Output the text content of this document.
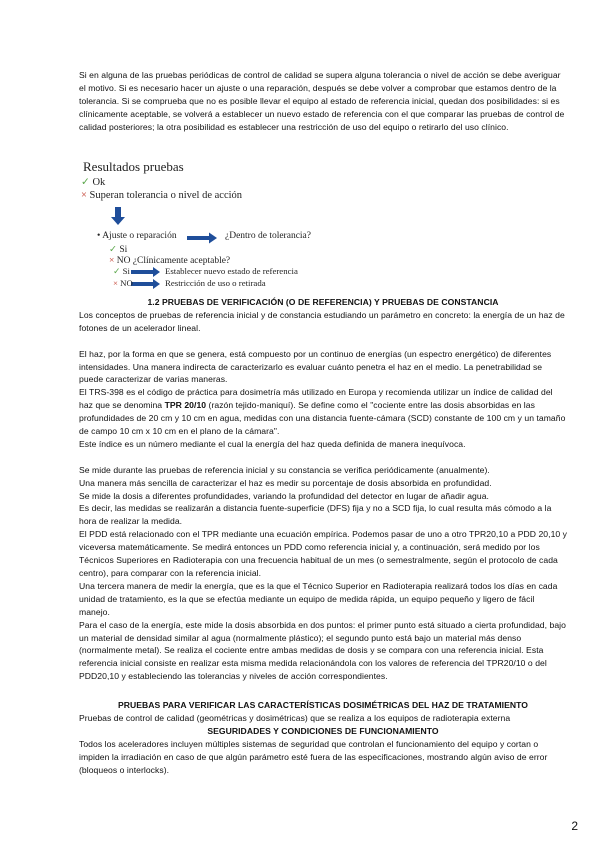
Si en alguna de las pruebas periódicas de control de calidad se supera alguna tolerancia o nivel de acción se debe averiguar el motivo. Si es necesario hacer un ajuste o una reparación, después se debe volver a comprobar que estamos dentro de la tolerancia. Si se comprueba que no es posible llevar el equipo al estado de referencia inicial, quedan dos posibilidades: si es clínicamente aceptable, se volverá a establecer un nuevo estado de referencia con el que comparar las pruebas de control de calidad posteriores; la otra posibilidad es establecer una restricción de uso del equipo o retirarlo del uso clínico.

Resultados pruebas
✓ Ok
× Superan tolerancia o nivel de acción
• Ajuste o reparación	¿Dentro de tolerancia?
✓ Si
× NO ¿Clínicamente aceptable?
✓ Si	Establecer nuevo estado de referencia
× NO	Restricción de uso o retirada

1.2 PRUEBAS DE VERIFICACIÓN (O DE REFERENCIA) Y PRUEBAS DE CONSTANCIA

Los conceptos de pruebas de referencia inicial y de constancia estudiando un parámetro en concreto: la energía de un haz de fotones de un acelerador lineal.

El haz, por la forma en que se genera, está compuesto por un continuo de energías (un espectro energético) de diferentes intensidades. Una manera indirecta de caracterizarlo es evaluar cuánto penetra el haz en el medio. La penetrabilidad se puede caracterizar de varias maneras.

El TRS-398 es el código de práctica para dosimetría más utilizado en Europa y recomienda utilizar un índice de calidad del haz que se denomina TPR 20/10 (razón tejido-maniquí). Se define como el "cociente entre las dosis absorbidas en las profundidades de 20 cm y 10 cm en agua, medidas con una distancia fuente-cámara (SCD) constante de 100 cm y un tamaño de campo 10 cm x 10 cm en el plano de la cámara".

Este índice es un número mediante el cual la energía del haz queda definida de manera inequívoca.

Se mide durante las pruebas de referencia inicial y su constancia se verifica periódicamente (anualmente).

Una manera más sencilla de caracterizar el haz es medir su porcentaje de dosis absorbida en profundidad.

Se mide la dosis a diferentes profundidades, variando la profundidad del detector en lugar de añadir agua.

Es decir, las medidas se realizarán a distancia fuente-superficie (DFS) fija y no a SCD fija, lo cual resulta más cómodo a la hora de realizar la medida.

El PDD está relacionado con el TPR mediante una ecuación empírica. Podemos pasar de uno a otro TPR20,10 a PDD 20,10 y viceversa matemáticamente. Se medirá entonces un PDD como referencia inicial y, a continuación, será medido por los Técnicos Superiores en Radioterapia con una frecuencia habitual de un mes (o semestralmente, según el protocolo de cada centro), para comparar con la referencia inicial.

Una tercera manera de medir la energía, que es la que el Técnico Superior en Radioterapia realizará todos los días en cada unidad de tratamiento, es la que se efectúa mediante un equipo de medida rápida, un equipo pequeño y ligero de fácil manejo.

Para el caso de la energía, este mide la dosis absorbida en dos puntos: el primer punto está situado a cierta profundidad, bajo un material de densidad similar al agua (normalmente plástico); el segundo punto está bajo un material más denso (normalmente metal). Se realiza el cociente entre ambas medidas de dosis y se compara con una referencia inicial. Esta referencia inicial consiste en realizar esta misma medida relacionándola con los valores de referencia del TPR20/10 o del PDD20,10 y estableciendo las tolerancias y niveles de acción correspondientes.

PRUEBAS PARA VERIFICAR LAS CARACTERÍSTICAS DOSIMÉTRICAS DEL HAZ DE TRATAMIENTO

Pruebas de control de calidad (geométricas y dosimétricas) que se realiza a los equipos de radioterapia externa

SEGURIDADES Y CONDICIONES DE FUNCIONAMIENTO

Todos los aceleradores incluyen múltiples sistemas de seguridad que controlan el funcionamiento del equipo y cortan o impiden la irradiación en caso de que algún parámetro esté fuera de las especificaciones, mostrando algún aviso de error (bloqueos o interlocks).

2
